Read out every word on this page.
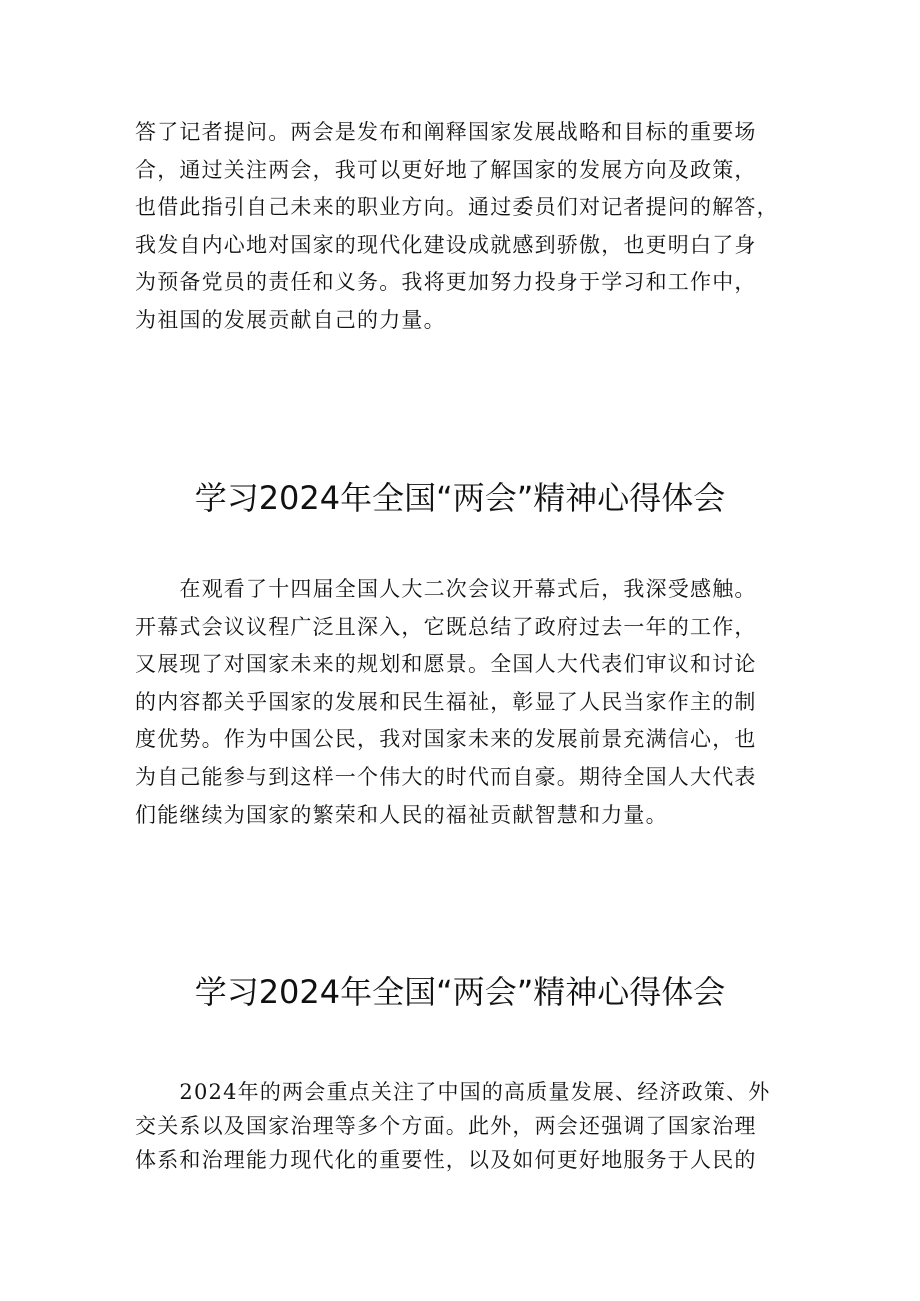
答了记者提问。两会是发布和阐释国家发展战略和目标的重要场
合，通过关注两会，我可以更好地了解国家的发展方向及政策，
也借此指引自己未来的职业方向。通过委员们对记者提问的解答，
我发自内心地对国家的现代化建设成就感到骄傲，也更明白了身
为预备党员的责任和义务。我将更加努力投身于学习和工作中，
为祖国的发展贡献自己的力量。
学习2024年全国“两会”精神心得体会
　　在观看了十四届全国人大二次会议开幕式后，我深受感触。
开幕式会议议程广泛且深入，它既总结了政府过去一年的工作，
又展现了对国家未来的规划和愿景。全国人大代表们审议和讨论
的内容都关乎国家的发展和民生福祉，彰显了人民当家作主的制
度优势。作为中国公民，我对国家未来的发展前景充满信心，也
为自己能参与到这样一个伟大的时代而自豪。期待全国人大代表
们能继续为国家的繁荣和人民的福祉贡献智慧和力量。
学习2024年全国“两会”精神心得体会
　　2024年的两会重点关注了中国的高质量发展、经济政策、外
交关系以及国家治理等多个方面。此外，两会还强调了国家治理
体系和治理能力现代化的重要性，以及如何更好地服务于人民的
